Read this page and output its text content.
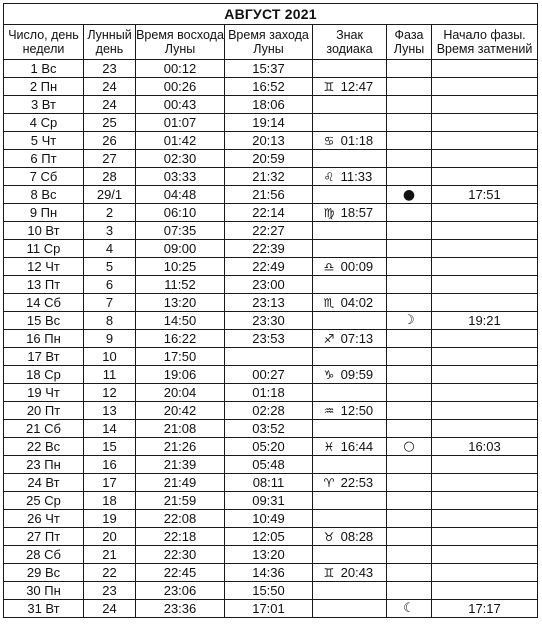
АВГУСТ 2021						
Число, день недели	Лунный день	Время восхода Луны	Время захода Луны	Знак зодиака	Фаза Луны	Начало фазы. Время затмений
1 Вс	23	00:12	15:37			
2 Пн	24	00:26	16:52	♊ 12:47		
3 Вт	24	00:43	18:06			
4 Ср	25	01:07	19:14			
5 Чт	26	01:42	20:13	♋ 01:18		
6 Пт	27	02:30	20:59			
7 Сб	28	03:33	21:32	♌ 11:33		
8 Вс	29/1	04:48	21:56		●	17:51
9 Пн	2	06:10	22:14	♍ 18:57		
10 Вт	3	07:35	22:27			
11 Ср	4	09:00	22:39			
12 Чт	5	10:25	22:49	♎ 00:09		
13 Пт	6	11:52	23:00			
14 Сб	7	13:20	23:13	♏ 04:02		
15 Вс	8	14:50	23:30		☽	19:21
16 Пн	9	16:22	23:53	♐ 07:13		
17 Вт	10	17:50				
18 Ср	11	19:06	00:27	♑ 09:59		
19 Чт	12	20:04	01:18			
20 Пт	13	20:42	02:28	♒ 12:50		
21 Сб	14	21:08	03:52			
22 Вс	15	21:26	05:20	♓ 16:44	○	16:03
23 Пн	16	21:39	05:48			
24 Вт	17	21:49	08:11	♈ 22:53		
25 Ср	18	21:59	09:31			
26 Чт	19	22:08	10:49			
27 Пт	20	22:18	12:05	♉ 08:28		
28 Сб	21	22:30	13:20			
29 Вс	22	22:45	14:36	♊ 20:43		
30 Пн	23	23:06	15:50			
31 Вт	24	23:36	17:01		☾	17:17
